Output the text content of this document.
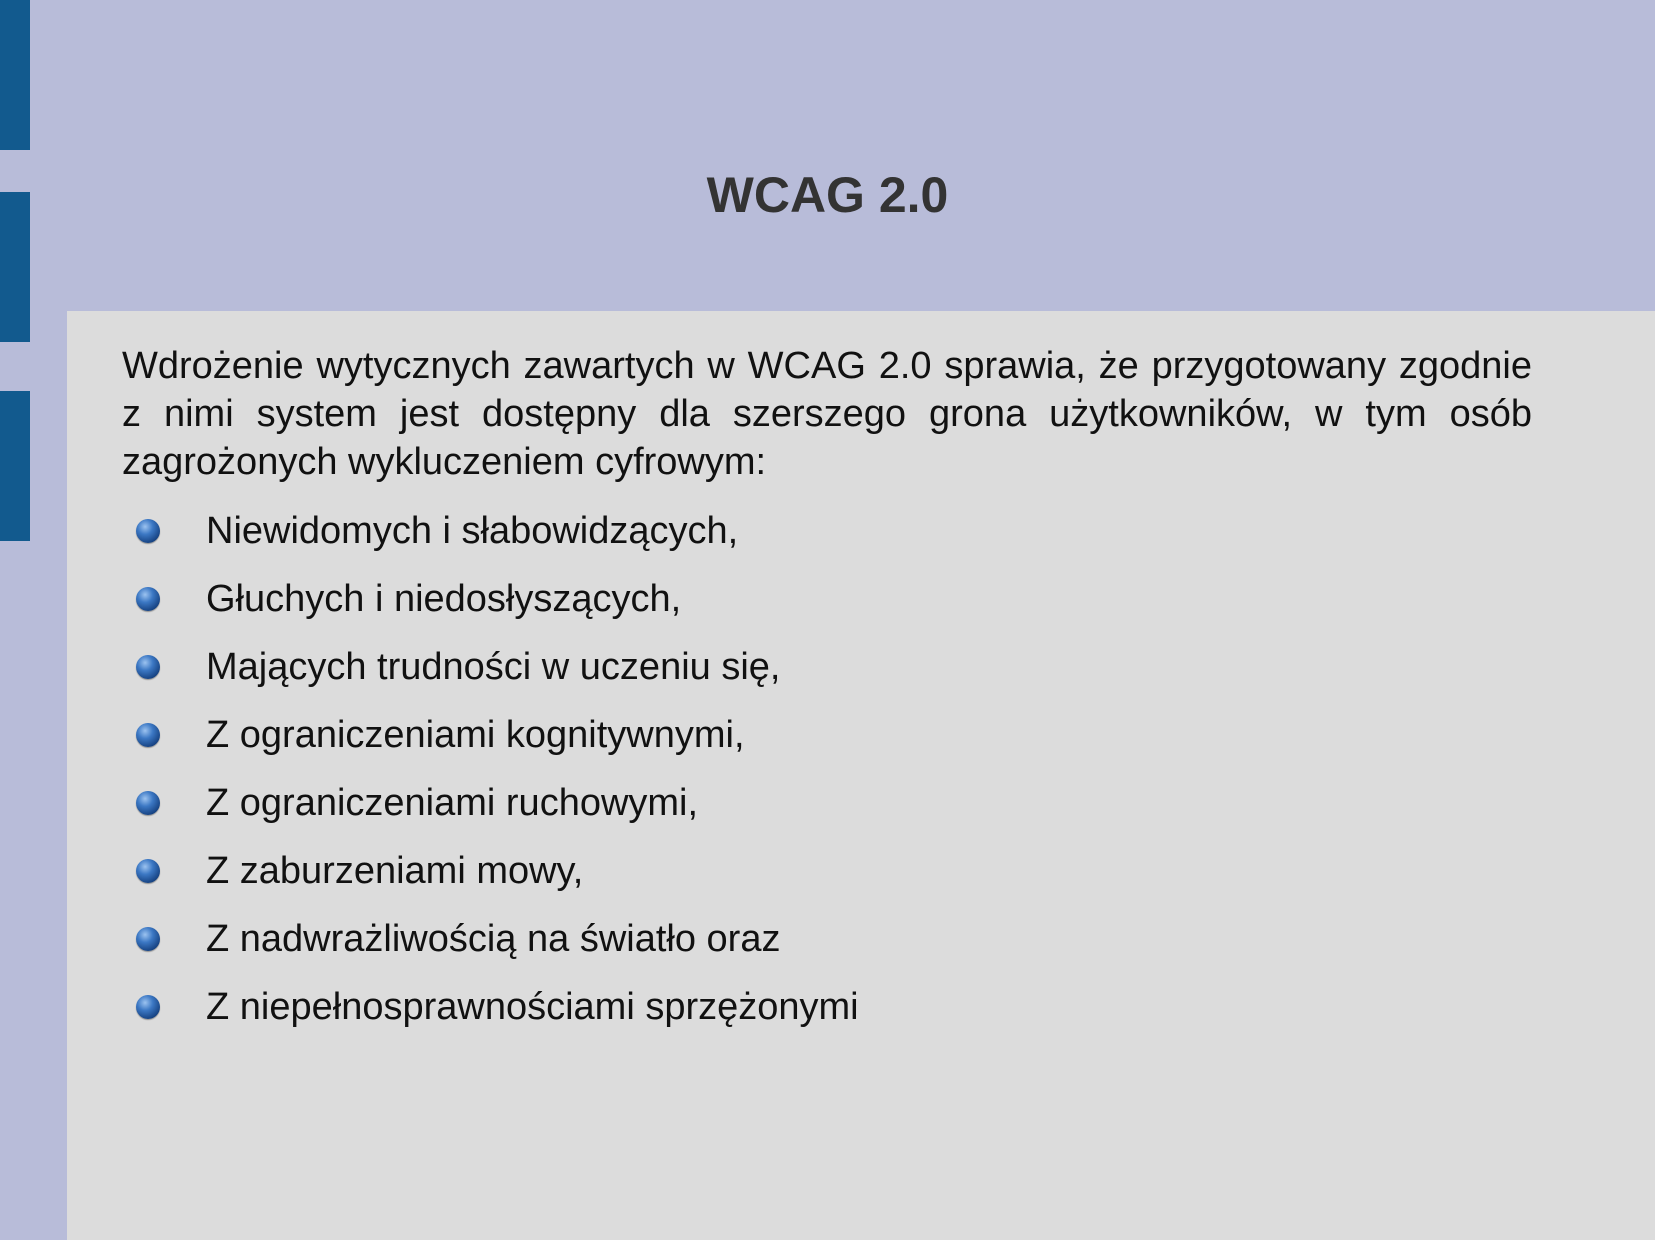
WCAG 2.0

Wdrożenie wytycznych zawartych w WCAG 2.0 sprawia, że przygotowany zgodnie z nimi system jest dostępny dla szerszego grona użytkowników, w tym osób zagrożonych wykluczeniem cyfrowym:

Niewidomych i słabowidzących,
Głuchych i niedosłyszących,
Mających trudności w uczeniu się,
Z ograniczeniami kognitywnymi,
Z ograniczeniami ruchowymi,
Z zaburzeniami mowy,
Z nadwrażliwością na światło oraz
Z niepełnosprawnościami sprzężonymi
